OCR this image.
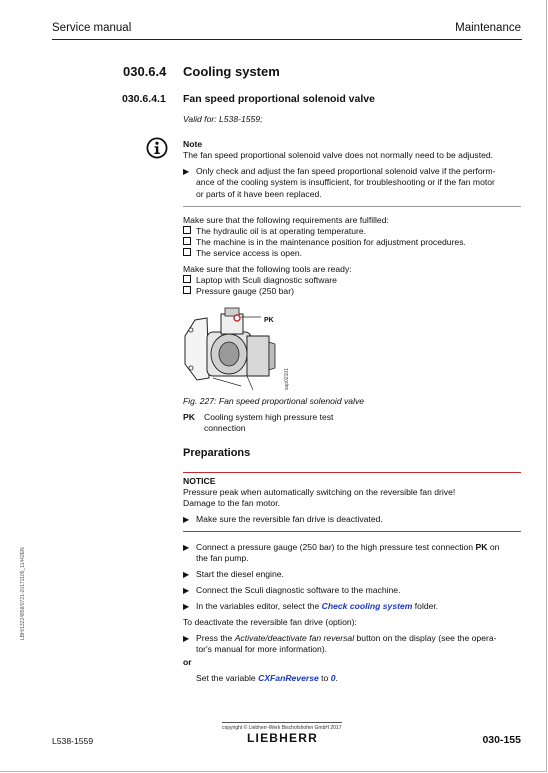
Service manual	Maintenance
030.6.4 Cooling system
030.6.4.1 Fan speed proportional solenoid valve
Valid for: L538-1559;
Note
The fan speed proportional solenoid valve does not normally need to be adjusted.
▶ Only check and adjust the fan speed proportional solenoid valve if the perform-
ance of the cooling system is insufficient, for troubleshooting or if the fan motor
or parts of it have been replaced.
Make sure that the following requirements are fulfilled:
The hydraulic oil is at operating temperature.
The machine is in the maintenance position for adjustment procedures.
The service access is open.
Make sure that the following tools are ready:
Laptop with Sculi diagnostic software
Pressure gauge (250 bar)
PK
sap02101
Fig. 227: Fan speed proportional solenoid valve
PK Cooling system high pressure test
connection
Preparations
NOTICE
Pressure peak when automatically switching on the reversible fan drive!
Damage to the fan motor.
▶ Make sure the reversible fan drive is deactivated.
▶ Connect a pressure gauge (250 bar) to the high pressure test connection PK on
the fan pump.
▶ Start the diesel engine.
▶ Connect the Sculi diagnostic software to the machine.
▶ In the variables editor, select the Check cooling system folder.
To deactivate the reversible fan drive (option):
▶ Press the Activate/deactivate fan reversal button on the display (see the opera-
tor's manual for more information).
or
Set the variable CXFanReverse to 0.
LBH/13224858/0721-20171105_11442EN
copyright © Liebherr-Werk Bischofshofen GmbH 2017
LIEBHERR
L538-1559	030-155
